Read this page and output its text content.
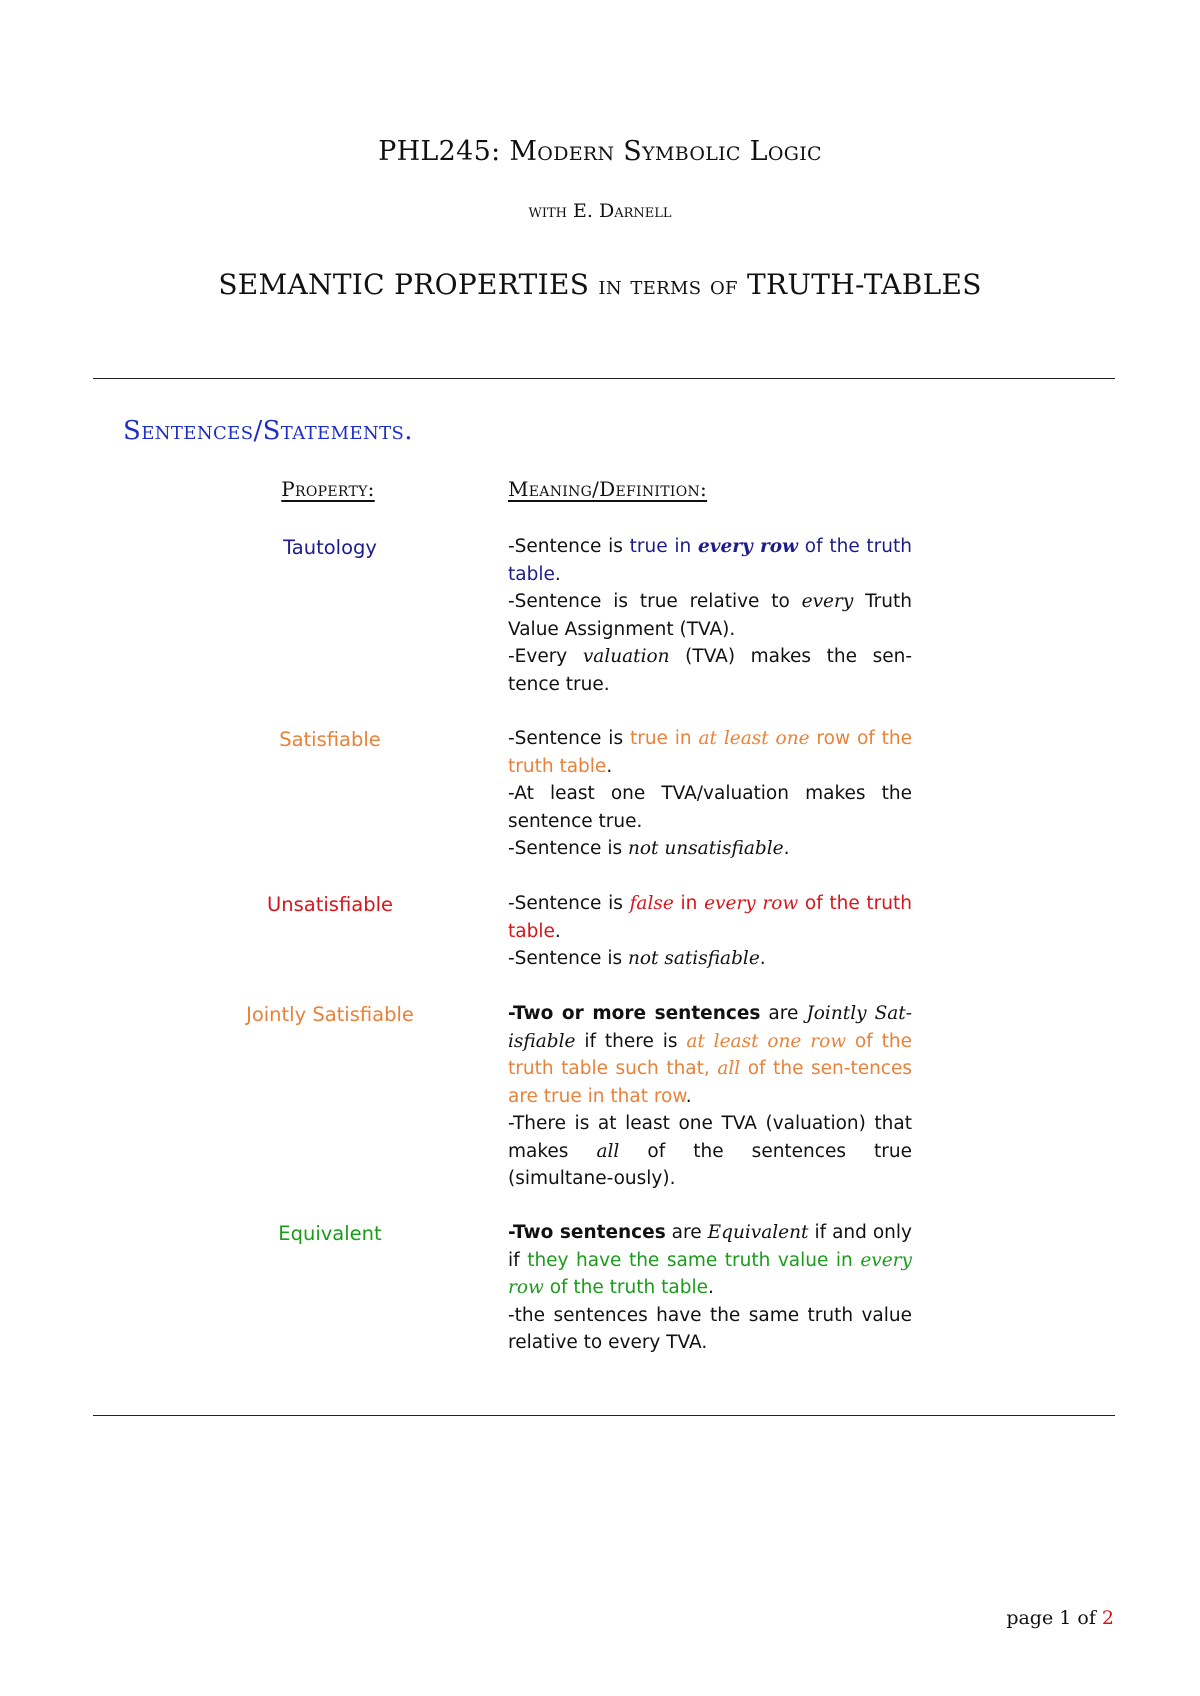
PHL245: Modern Symbolic Logic
with E. Darnell
SEMANTIC PROPERTIES in terms of TRUTH-TABLES
Sentences/Statements.
Property:	Meaning/Definition:
Tautology	-Sentence is true in every row of the truth table.

-Sentence is true relative to every Truth Value Assignment (TVA).

-Every valuation (TVA) makes the sen-tence true.

Satisfiable	-Sentence is true in at least one row of the truth table.

-At least one TVA/valuation makes the sentence true.

-Sentence is not unsatisfiable.

Unsatisfiable	-Sentence is false in every row of the truth table.

-Sentence is not satisfiable.

Jointly Satisfiable	-Two or more sentences are Jointly Sat-isfiable if there is at least one row of the truth table such that, all of the sen-tences are true in that row.

-There is at least one TVA (valuation) that makes all of the sentences true (simultane-ously).

Equivalent	-Two sentences are Equivalent if and only if they have the same truth value in every row of the truth table.

-the sentences have the same truth value relative to every TVA.

page 1 of 2
